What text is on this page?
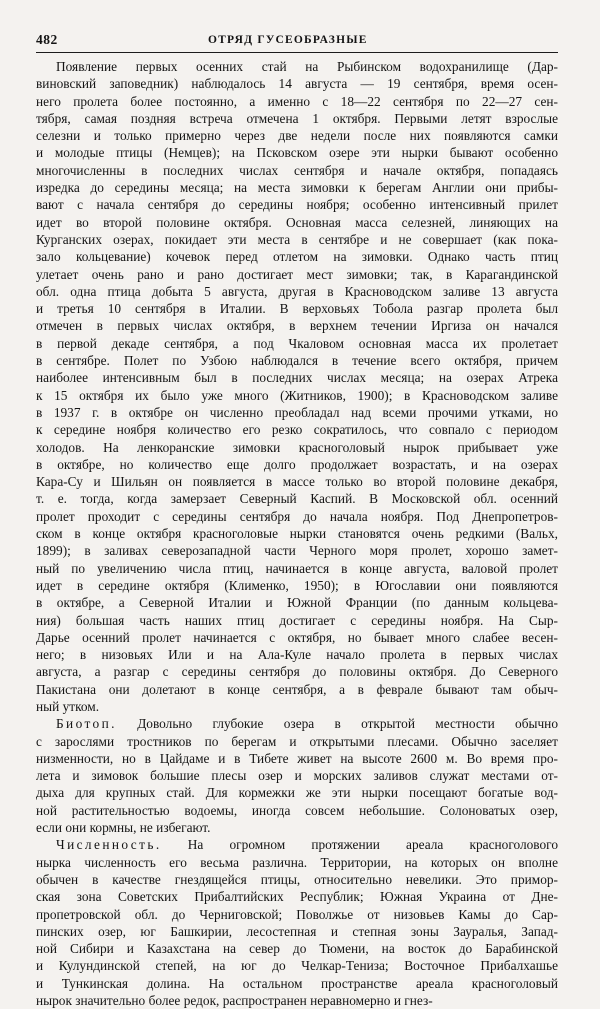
482	ОТРЯД ГУСЕОБРАЗНЫЕ
Появление первых осенних стай на Рыбинском водохранилище (Дар-
виновский заповедник) наблюдалось 14 августа — 19 сентября, время осен-
него пролета более постоянно, а именно с 18—22 сентября по 22—27 сен-
тября, самая поздняя встреча отмечена 1 октября. Первыми летят взрослые
селезни и только примерно через две недели после них появляются самки
и молодые птицы (Немцев); на Псковском озере эти нырки бывают особенно
многочисленны в последних числах сентября и начале октября, попадаясь
изредка до середины месяца; на места зимовки к берегам Англии они прибы-
вают с начала сентября до середины ноября; особенно интенсивный прилет
идет во второй половине октября. Основная масса селезней, линяющих на
Курганских озерах, покидает эти места в сентябре и не совершает (как пока-
зало кольцевание) кочевок перед отлетом на зимовки. Однако часть птиц
улетает очень рано и рано достигает мест зимовки; так, в Карагандинской
обл. одна птица добыта 5 августа, другая в Красноводском заливе 13 августа
и третья 10 сентября в Италии. В верховьях Тобола разгар пролета был
отмечен в первых числах октября, в верхнем течении Иргиза он начался
в первой декаде сентября, а под Чкаловом основная масса их пролетает
в сентябре. Полет по Узбою наблюдался в течение всего октября, причем
наиболее интенсивным был в последних числах месяца; на озерах Атрека
к 15 октября их было уже много (Житников, 1900); в Красноводском заливе
в 1937 г. в октябре он численно преобладал над всеми прочими утками, но
к середине ноября количество его резко сократилось, что совпало с периодом
холодов. На ленкоранские зимовки красноголовый нырок прибывает уже
в октябре, но количество еще долго продолжает возрастать, и на озерах
Кара-Су и Шильян он появляется в массе только во второй половине декабря,
т. е. тогда, когда замерзает Северный Каспий. В Московской обл. осенний
пролет проходит с середины сентября до начала ноября. Под Днепропетров-
ском в конце октября красноголовые нырки становятся очень редкими (Вальх,
1899); в заливах северозападной части Черного моря пролет, хорошо замет-
ный по увеличению числа птиц, начинается в конце августа, валовой пролет
идет в середине октября (Клименко, 1950); в Югославии они появляются
в октябре, а Северной Италии и Южной Франции (по данным кольцева-
ния) большая часть наших птиц достигает с середины ноября. На Сыр-
Дарье осенний пролет начинается с октября, но бывает много слабее весен-
него; в низовьях Или и на Ала-Куле начало пролета в первых числах
августа, а разгар с середины сентября до половины октября. До Северного
Пакистана они долетают в конце сентября, а в феврале бывают там обыч-
ный утком.
Биотоп. Довольно глубокие озера в открытой местности обычно
с зарослями тростников по берегам и открытыми плесами. Обычно заселяет
низменности, но в Цайдаме и в Тибете живет на высоте 2600 м. Во время про-
лета и зимовок большие плесы озер и морских заливов служат местами от-
дыха для крупных стай. Для кормежки же эти нырки посещают богатые вод-
ной растительностью водоемы, иногда совсем небольшие. Солоноватых озер,
если они кормны, не избегают.
Численность. На огромном протяжении ареала красноголового
нырка численность его весьма различна. Территории, на которых он вполне
обычен в качестве гнездящейся птицы, относительно невелики. Это примор-
ская зона Советских Прибалтийских Республик; Южная Украина от Дне-
пропетровской обл. до Черниговской; Поволжье от низовьев Камы до Сар-
пинских озер, юг Башкирии, лесостепная и степная зоны Зауралья, Запад-
ной Сибири и Казахстана на север до Тюмени, на восток до Барабинской
и Кулундинской степей, на юг до Челкар-Тениза; Восточное Прибалхашье
и Тункинская долина. На остальном пространстве ареала красноголовый
нырок значительно более редок, распространен неравномерно и гнез-
